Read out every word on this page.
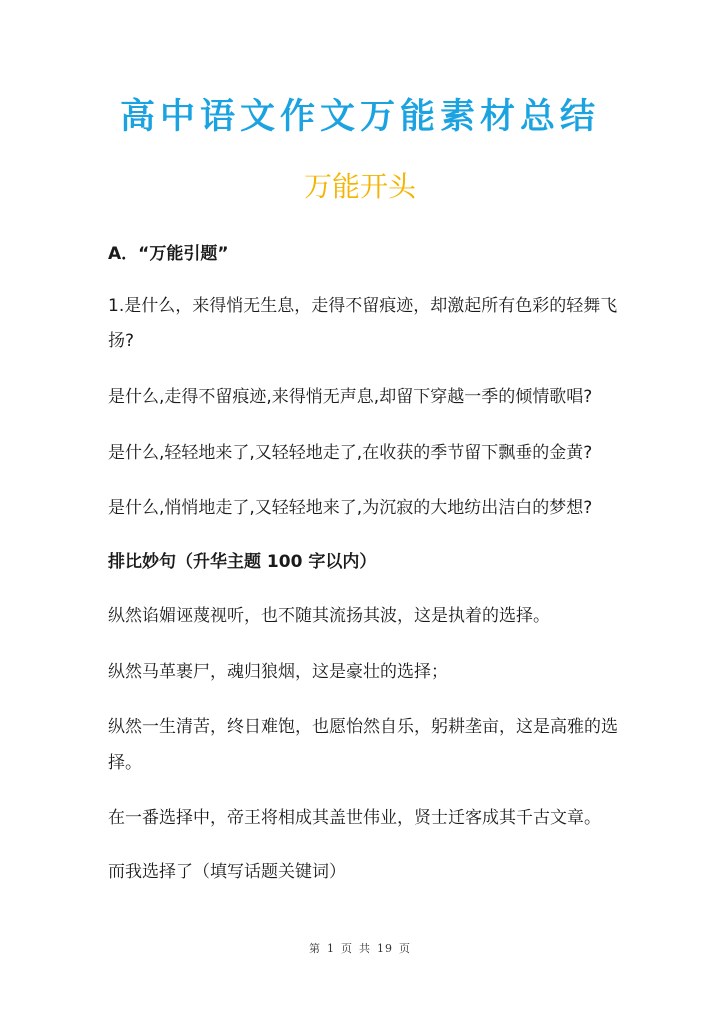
高中语文作文万能素材总结
万能开头
A．“万能引题”
1.是什么，来得悄无生息，走得不留痕迹，却激起所有色彩的轻舞飞
扬?
是什么,走得不留痕迹,来得悄无声息,却留下穿越一季的倾情歌唱?
是什么,轻轻地来了,又轻轻地走了,在收获的季节留下飘垂的金黄?
是什么,悄悄地走了,又轻轻地来了,为沉寂的大地纺出洁白的梦想?
排比妙句（升华主题 100 字以内）
纵然谄媚诬蔑视听，也不随其流扬其波，这是执着的选择。
纵然马革裹尸，魂归狼烟，这是豪壮的选择；
纵然一生清苦，终日难饱，也愿怡然自乐，躬耕垄亩，这是高雅的选
择。
在一番选择中，帝王将相成其盖世伟业，贤士迁客成其千古文章。
而我选择了（填写话题关键词）
第 1 页 共 19 页
